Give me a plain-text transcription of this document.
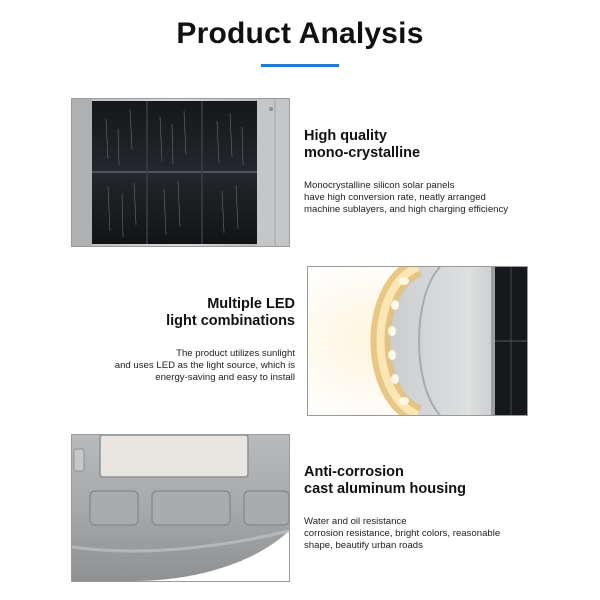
Product Analysis
High quality
mono-crystalline
Monocrystalline silicon solar panels
have high conversion rate, neatly arranged
machine sublayers, and high charging efficiency
Multiple LED
light combinations
The product utilizes sunlight
and uses LED as the light source, which is
energy-saving and easy to install
Anti-corrosion
cast aluminum housing
Water and oil resistance
corrosion resistance, bright colors, reasonable
shape, beautify urban roads
